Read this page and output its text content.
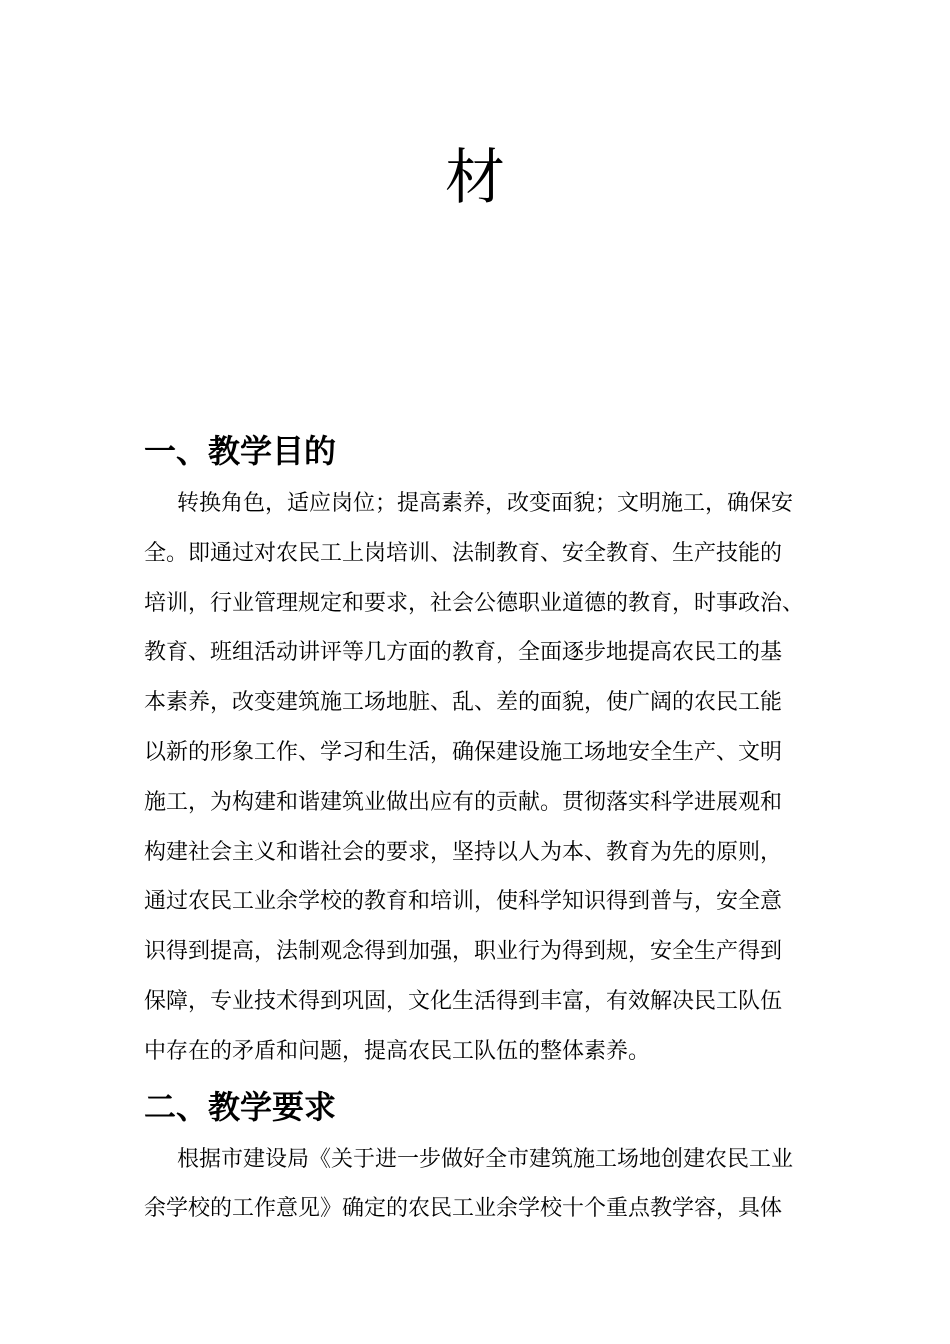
材
一、教学目的
转换角色，适应岗位；提高素养，改变面貌；文明施工，确保安
全。即通过对农民工上岗培训、法制教育、安全教育、生产技能的
培训，行业管理规定和要求，社会公德职业道德的教育，时事政治、
教育、班组活动讲评等几方面的教育，全面逐步地提高农民工的基
本素养，改变建筑施工场地脏、乱、差的面貌，使广阔的农民工能
以新的形象工作、学习和生活，确保建设施工场地安全生产、文明
施工，为构建和谐建筑业做出应有的贡献。贯彻落实科学进展观和
构建社会主义和谐社会的要求，坚持以人为本、教育为先的原则，
通过农民工业余学校的教育和培训，使科学知识得到普与，安全意
识得到提高，法制观念得到加强，职业行为得到规，安全生产得到
保障，专业技术得到巩固，文化生活得到丰富，有效解决民工队伍
中存在的矛盾和问题，提高农民工队伍的整体素养。
二、教学要求
根据市建设局《关于进一步做好全市建筑施工场地创建农民工业
余学校的工作意见》确定的农民工业余学校十个重点教学容，具体
